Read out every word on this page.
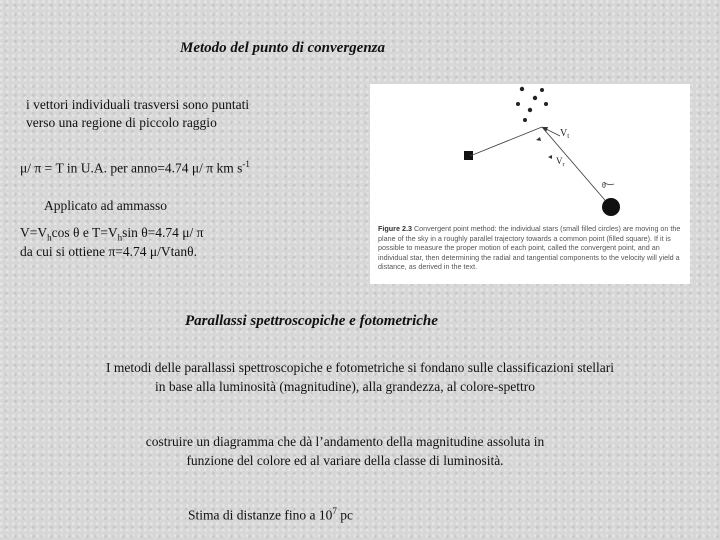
Metodo del punto di convergenza
i vettori individuali trasversi sono puntati
verso una regione di piccolo raggio
μ/ π = T in U.A. per anno=4.74 μ/ π km $s^{-1}$
Applicato ad ammasso
$V=V_h\cos$ θ e $T=V_h\sin$ θ=4.74 μ/ π
da cui si ottiene π=4.74 μ/Vtanθ.
$V_t$
$V_r$
θ
Figure 2.3 Convergent point method: the individual stars (small filled circles) are moving on the plane of the sky in a roughly parallel trajectory towards a common point (filled square). If it is possible to measure the proper motion of each point, called the convergent point, and an individual star, then determining the radial and tangential components to the velocity will yield a distance, as derived in the text.
Parallassi spettroscopiche e fotometriche
I metodi delle parallassi spettroscopiche e fotometriche si fondano sulle classificazioni stellari
in base alla luminosità (magnitudine), alla grandezza, al colore-spettro
costruire un diagramma che dà l’andamento della magnitudine assoluta in
funzione del colore ed al variare della classe di luminosità.
Stima di distanze fino a $10^7$ pc
